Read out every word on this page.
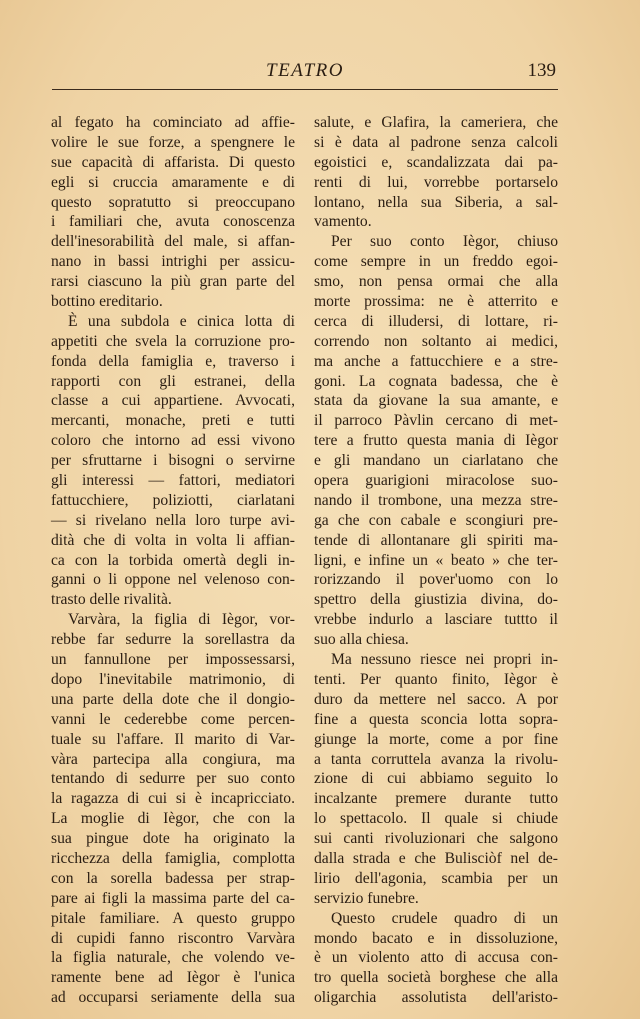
TEATRO	139
al fegato ha cominciato ad affie-
volire le sue forze, a spengnere le
sue capacità di affarista. Di questo
egli si cruccia amaramente e di
questo sopratutto si preoccupano
i familiari che, avuta conoscenza
dell'inesorabilità del male, si affan-
nano in bassi intrighi per assicu-
rarsi ciascuno la più gran parte del
bottino ereditario.
È una subdola e cinica lotta di
appetiti che svela la corruzione pro-
fonda della famiglia e, traverso i
rapporti con gli estranei, della
classe a cui appartiene. Avvocati,
mercanti, monache, preti e tutti
coloro che intorno ad essi vivono
per sfruttarne i bisogni o servirne
gli interessi — fattori, mediatori
fattucchiere, poliziotti, ciarlatani
— si rivelano nella loro turpe avi-
dità che di volta in volta li affian-
ca con la torbida omertà degli in-
ganni o li oppone nel velenoso con-
trasto delle rivalità.
Varvàra, la figlia di Iègor, vor-
rebbe far sedurre la sorellastra da
un fannullone per impossessarsi,
dopo l'inevitabile matrimonio, di
una parte della dote che il dongio-
vanni le cederebbe come percen-
tuale su l'affare. Il marito di Var-
vàra partecipa alla congiura, ma
tentando di sedurre per suo conto
la ragazza di cui si è incapricciato.
La moglie di Iègor, che con la
sua pingue dote ha originato la
ricchezza della famiglia, complotta
con la sorella badessa per strap-
pare ai figli la massima parte del ca-
pitale familiare. A questo gruppo
di cupidi fanno riscontro Varvàra
la figlia naturale, che volendo ve-
ramente bene ad Iègor è l'unica
ad occuparsi seriamente della sua
salute, e Glafira, la cameriera, che
si è data al padrone senza calcoli
egoistici e, scandalizzata dai pa-
renti di lui, vorrebbe portarselo
lontano, nella sua Siberia, a sal-
vamento.
Per suo conto Iègor, chiuso
come sempre in un freddo egoi-
smo, non pensa ormai che alla
morte prossima: ne è atterrito e
cerca di illudersi, di lottare, ri-
correndo non soltanto ai medici,
ma anche a fattucchiere e a stre-
goni. La cognata badessa, che è
stata da giovane la sua amante, e
il parroco Pàvlin cercano di met-
tere a frutto questa mania di Iègor
e gli mandano un ciarlatano che
opera guarigioni miracolose suo-
nando il trombone, una mezza stre-
ga che con cabale e scongiuri pre-
tende di allontanare gli spiriti ma-
ligni, e infine un « beato » che ter-
rorizzando il pover'uomo con lo
spettro della giustizia divina, do-
vrebbe indurlo a lasciare tuttto il
suo alla chiesa.
Ma nessuno riesce nei propri in-
tenti. Per quanto finito, Iègor è
duro da mettere nel sacco. A por
fine a questa sconcia lotta sopra-
giunge la morte, come a por fine
a tanta corruttela avanza la rivolu-
zione di cui abbiamo seguito lo
incalzante premere durante tutto
lo spettacolo. Il quale si chiude
sui canti rivoluzionari che salgono
dalla strada e che Bulisciòf nel de-
lirio dell'agonia, scambia per un
servizio funebre.
Questo crudele quadro di un
mondo bacato e in dissoluzione,
è un violento atto di accusa con-
tro quella società borghese che alla
oligarchia assolutista dell'aristo-
